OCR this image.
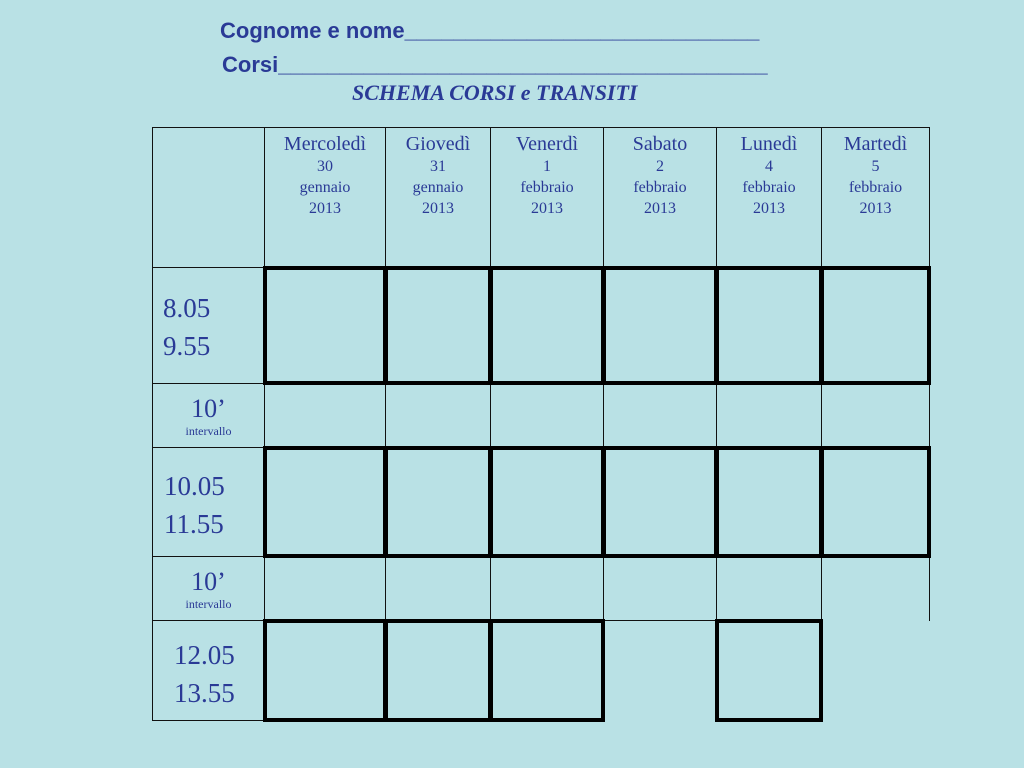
Cognome e nome_____________________________
Corsi________________________________________
SCHEMA CORSI e TRANSITI
Mercoledì
30
gennaio
2013
Giovedì
31
gennaio
2013
Venerdì
1
febbraio
2013
Sabato
2
febbraio
2013
Lunedì
4
febbraio
2013
Martedì
5
febbraio
2013
8.05
9.55
10’
intervallo
10.05
11.55
10’
intervallo
12.05
13.55
